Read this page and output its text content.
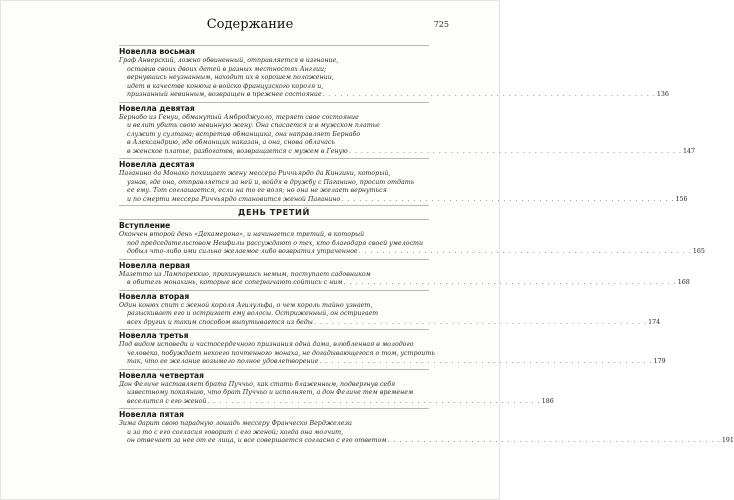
Содержание	725
Новелла восьмая
Граф Анверский, ложно обвиненный, отправляется в изгнание,
оставив своих двоих детей в разных местностях Англии;
вернувшись неузнанным, находит их в хорошем положении,
идет в качестве конюха в войско французского короля и,
признанный невинным, возвращен в прежнее состояние . . . . . . . . . . . . . . . . . . . . . . . . . . . . . . . . . . . . . . . . . . . . . . . . . . . . . . . . 136
Новелла девятая
Бернабо из Генуи, обманутый Амброджуоло, теряет свое состояние
и велит убить свою невинную жену. Она спасается и в мужском платье
служит у султана; встретив обманщика, она направляет Бернабо
в Александрию, где обманщик наказан, а она, снова облачась
в женское платье, разбогатев, возвращается с мужем в Геную . . . . . . . . . . . . . . . . . . . . . . . . . . . . . . . . . . . . . . . . . . . . . . . . . . . . . . . . 147
Новелла десятая
Паганино да Монако похищает жену мессера Риччьярдо да Кинзики, который,
узнав, где она, отправляется за ней и, войдя в дружбу с Паганино, просит отдать
ее ему. Тот соглашается, если на то ее воля; но она не желает вернуться
и по смерти мессера Риччьярдо становится женой Паганино . . . . . . . . . . . . . . . . . . . . . . . . . . . . . . . . . . . . . . . . . . . . . . . . . . . . . . . . 156
ДЕНЬ ТРЕТИЙ
Вступление
Окончен второй день «Декамерона», и начинается третий, в который
под председательством Неифилы рассуждают о тех, кто благодаря своей умелости
добыл что-либо ими сильно желаемое либо возвратил утраченное . . . . . . . . . . . . . . . . . . . . . . . . . . . . . . . . . . . . . . . . . . . . . . . . . . . . . . . . 165
Новелла первая
Мазетто из Лампореккио, прикинувшись немым, поступает садовником
в обитель монахинь, которые все соперничают сойтись с ним . . . . . . . . . . . . . . . . . . . . . . . . . . . . . . . . . . . . . . . . . . . . . . . . . . . . . . . . 168
Новелла вторая
Один конюх спит с женой короля Агилульфа, о чем король тайно узнает,
разыскивает его и остригает ему волосы. Остриженный, он остригает
всех других и таким способом выпутывается из беды . . . . . . . . . . . . . . . . . . . . . . . . . . . . . . . . . . . . . . . . . . . . . . . . . . . . . . . . 174
Новелла третья
Под видом исповеди и чистосердечного признания одна дама, влюбленная в молодого
человека, побуждает некоего почтенного монаха, не догадывающегося о том, устроить
так, что ее желание возымело полное удовлетворение . . . . . . . . . . . . . . . . . . . . . . . . . . . . . . . . . . . . . . . . . . . . . . . . . . . . . . . . 179
Новелла четвертая
Дон Феличе наставляет брата Пуччьо, как стать блаженным, подвергнув себя
известному покаянию, что брат Пуччьо и исполняет, а дон Феличе тем временем
веселится с его женой . . . . . . . . . . . . . . . . . . . . . . . . . . . . . . . . . . . . . . . . . . . . . . . . . . . . . . . . 186
Новелла пятая
Зима дарит свою парадную лошадь мессеру Франческо Верджелези
и за то с его согласия говорит с его женой; когда она молчит,
он отвечает за нее от ее лица, и все совершается согласно с его ответом . . . . . . . . . . . . . . . . . . . . . . . . . . . . . . . . . . . . . . . . . . . . . . . . . . . . . . . . 191
